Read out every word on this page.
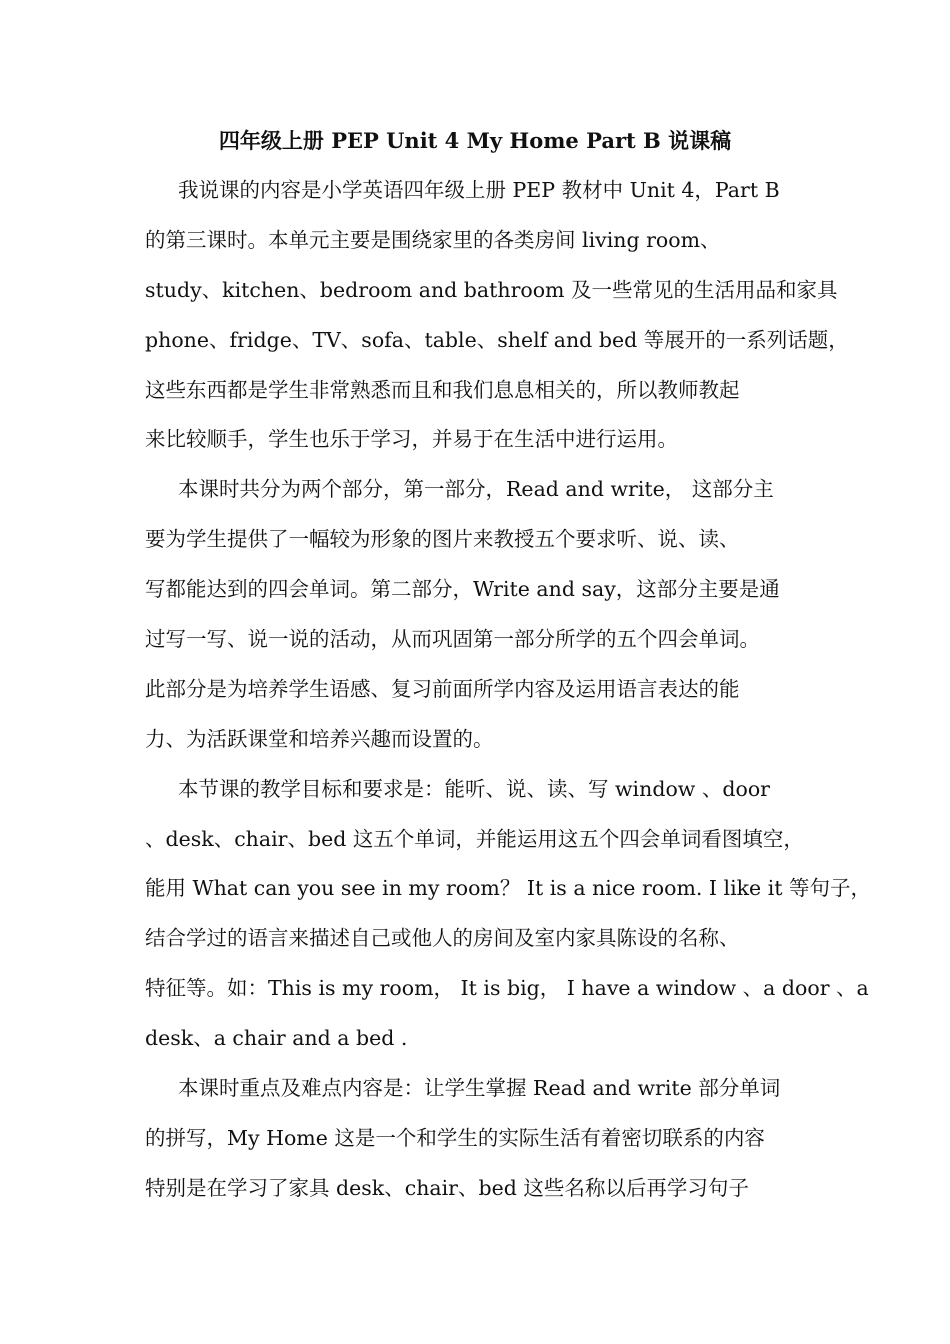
四年级上册 PEP Unit 4 My Home Part B 说课稿
我说课的内容是小学英语四年级上册 PEP 教材中 Unit 4，Part B
的第三课时。本单元主要是围绕家里的各类房间 living room、
study、kitchen、bedroom and bathroom 及一些常见的生活用品和家具
phone、fridge、TV、sofa、table、shelf and bed 等展开的一系列话题，
这些东西都是学生非常熟悉而且和我们息息相关的，所以教师教起
来比较顺手，学生也乐于学习，并易于在生活中进行运用。
本课时共分为两个部分，第一部分，Read and write， 这部分主
要为学生提供了一幅较为形象的图片来教授五个要求听、说、读、
写都能达到的四会单词。第二部分，Write and say，这部分主要是通
过写一写、说一说的活动，从而巩固第一部分所学的五个四会单词。
此部分是为培养学生语感、复习前面所学内容及运用语言表达的能
力、为活跃课堂和培养兴趣而设置的。
本节课的教学目标和要求是：能听、说、读、写 window 、door
、desk、chair、bed 这五个单词，并能运用这五个四会单词看图填空，
能用 What can you see in my room？ It is a nice room. I like it 等句子，
结合学过的语言来描述自己或他人的房间及室内家具陈设的名称、
特征等。如：This is my room， It is big， I have a window 、a door 、a
desk、a chair and a bed .
本课时重点及难点内容是：让学生掌握 Read and write 部分单词
的拼写，My Home 这是一个和学生的实际生活有着密切联系的内容
特别是在学习了家具 desk、chair、bed 这些名称以后再学习句子
